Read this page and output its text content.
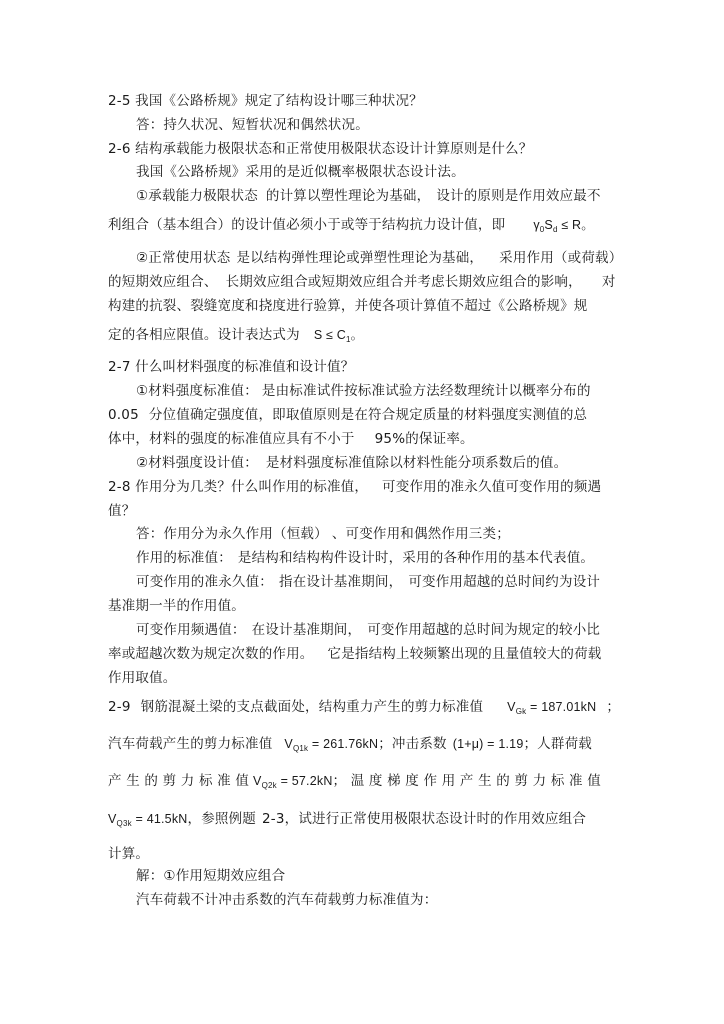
2-5 我国《公路桥规》规定了结构设计哪三种状况？
答：持久状况、短暂状况和偶然状况。
2-6 结构承载能力极限状态和正常使用极限状态设计计算原则是什么？
我国《公路桥规》采用的是近似概率极限状态设计法。
①承载能力极限状态 的计算以塑性理论为基础， 设计的原则是作用效应最不
利组合（基本组合）的设计值必须小于或等于结构抗力设计值，即 $\gamma_0S_d \le R$。
②正常使用状态 是以结构弹性理论或弹塑性理论为基础， 采用作用（或荷载）
的短期效应组合、 长期效应组合或短期效应组合并考虑长期效应组合的影响， 对
构建的抗裂、裂缝宽度和挠度进行验算，并使各项计算值不超过《公路桥规》规
定的各相应限值。设计表达式为 $S \le C_1$。
2-7 什么叫材料强度的标准值和设计值？
①材料强度标准值： 是由标准试件按标准试验方法经数理统计以概率分布的
0.05 分位值确定强度值，即取值原则是在符合规定质量的材料强度实测值的总
体中，材料的强度的标准值应具有不小于 95%的保证率。
②材料强度设计值： 是材料强度标准值除以材料性能分项系数后的值。
2-8 作用分为几类？什么叫作用的标准值， 可变作用的准永久值可变作用的频遇
值？
答：作用分为永久作用（恒载） 、可变作用和偶然作用三类；
作用的标准值： 是结构和结构构件设计时，采用的各种作用的基本代表值。
可变作用的准永久值： 指在设计基准期间， 可变作用超越的总时间约为设计
基准期一半的作用值。
可变作用频遇值： 在设计基准期间， 可变作用超越的总时间为规定的较小比
率或超越次数为规定次数的作用。 它是指结构上较频繁出现的且量值较大的荷载
作用取值。
2-9 钢筋混凝土梁的支点截面处，结构重力产生的剪力标准值 $V_{Gk} = 187.01kN$ ；
汽车荷载产生的剪力标准值 $V_{Q1k} = 261.76kN$；冲击系数 (1+μ) = 1.19；人群荷载
产 生 的 剪 力 标 准 值 $V_{Q2k} = 57.2kN$； 温 度 梯 度 作 用 产 生 的 剪 力 标 准 值
$V_{Q3k} = 41.5kN$，参照例题 2-3，试进行正常使用极限状态设计时的作用效应组合
计算。
解：①作用短期效应组合
汽车荷载不计冲击系数的汽车荷载剪力标准值为：
